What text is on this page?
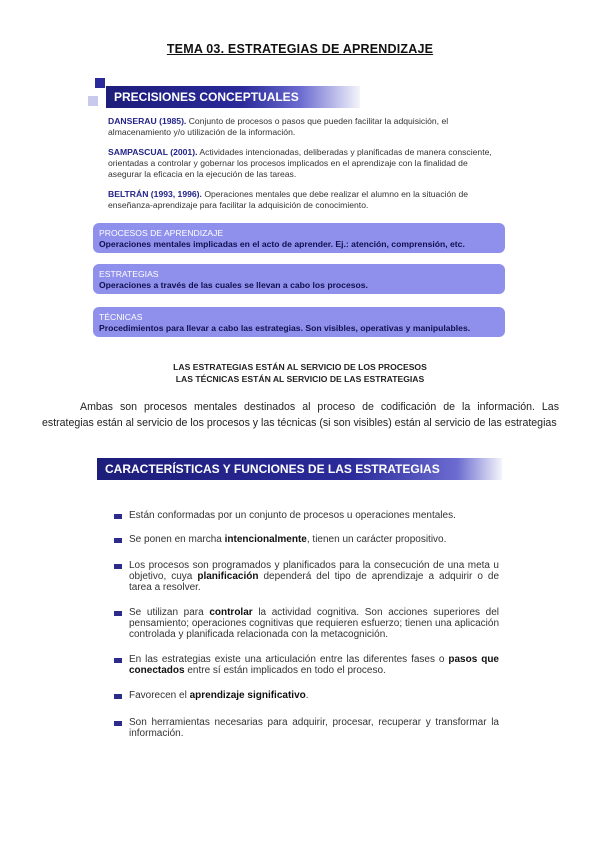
TEMA 03. ESTRATEGIAS DE APRENDIZAJE
PRECISIONES CONCEPTUALES
DANSERAU (1985). Conjunto de procesos o pasos que pueden facilitar la adquisición, el almacenamiento y/o utilización de la información.
SAMPASCUAL (2001). Actividades intencionadas, deliberadas y planificadas de manera consciente, orientadas a controlar y gobernar los procesos implicados en el aprendizaje con la finalidad de asegurar la eficacia en la ejecución de las tareas.
BELTRÁN (1993, 1996). Operaciones mentales que debe realizar el alumno en la situación de enseñanza-aprendizaje para facilitar la adquisición de conocimiento.
PROCESOS DE APRENDIZAJE
Operaciones mentales implicadas en el acto de aprender. Ej.: atención, comprensión, etc.
ESTRATEGIAS
Operaciones a través de las cuales se llevan a cabo los procesos.
TÉCNICAS
Procedimientos para llevar a cabo las estrategias. Son visibles, operativas y manipulables.
LAS ESTRATEGIAS ESTÁN AL SERVICIO DE LOS PROCESOS
LAS TÉCNICAS ESTÁN AL SERVICIO DE LAS ESTRATEGIAS
Ambas son procesos mentales destinados al proceso de codificación de la información. Las estrategias están al servicio de los procesos y las técnicas (si son visibles) están al servicio de las estrategias
CARACTERÍSTICAS Y FUNCIONES DE LAS ESTRATEGIAS
Están conformadas por un conjunto de procesos u operaciones mentales.
Se ponen en marcha intencionalmente, tienen un carácter propositivo.
Los procesos son programados y planificados para la consecución de una meta u objetivo, cuya planificación dependerá del tipo de aprendizaje a adquirir o de tarea a resolver.
Se utilizan para controlar la actividad cognitiva. Son acciones superiores del pensamiento; operaciones cognitivas que requieren esfuerzo; tienen una aplicación controlada y planificada relacionada con la metacognición.
En las estrategias existe una articulación entre las diferentes fases o pasos que conectados entre sí están implicados en todo el proceso.
Favorecen el aprendizaje significativo.
Son herramientas necesarias para adquirir, procesar, recuperar y transformar la información.
